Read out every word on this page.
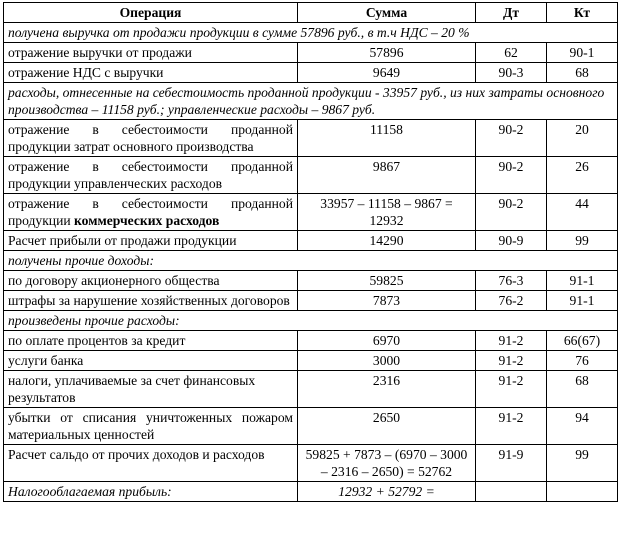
Операция	Сумма	Дт	Кт
получена выручка от продажи продукции в сумме 57896 руб., в т.ч НДС – 20 %			
отражение выручки от продажи	57896	62	90-1
отражение НДС с выручки	9649	90-3	68
расходы, отнесенные на себестоимость проданной продукции - 33957 руб., из них затраты основного производства – 11158 руб.; управленческие расходы – 9867 руб.			
отражение в себестоимости проданной продукции затрат основного производства	11158	90-2	20
отражение в себестоимости проданной продукции управленческих расходов	9867	90-2	26
отражение в себестоимости проданной продукции коммерческих расходов	33957 – 11158 – 9867 = 12932	90-2	44
Расчет прибыли от продажи продукции	14290	90-9	99
получены прочие доходы:			
по договору акционерного общества	59825	76-3	91-1
штрафы за нарушение хозяйственных договоров	7873	76-2	91-1
произведены прочие расходы:			
по оплате процентов за кредит	6970	91-2	66(67)
услуги банка	3000	91-2	76
налоги, уплачиваемые за счет финансовых результатов	2316	91-2	68
убытки от списания уничтоженных пожаром материальных ценностей	2650	91-2	94
Расчет сальдо от прочих доходов и расходов	59825 + 7873 – (6970 – 3000 – 2316 – 2650) = 52762	91-9	99
Налогооблагаемая прибыль:	12932 + 52792 =		
